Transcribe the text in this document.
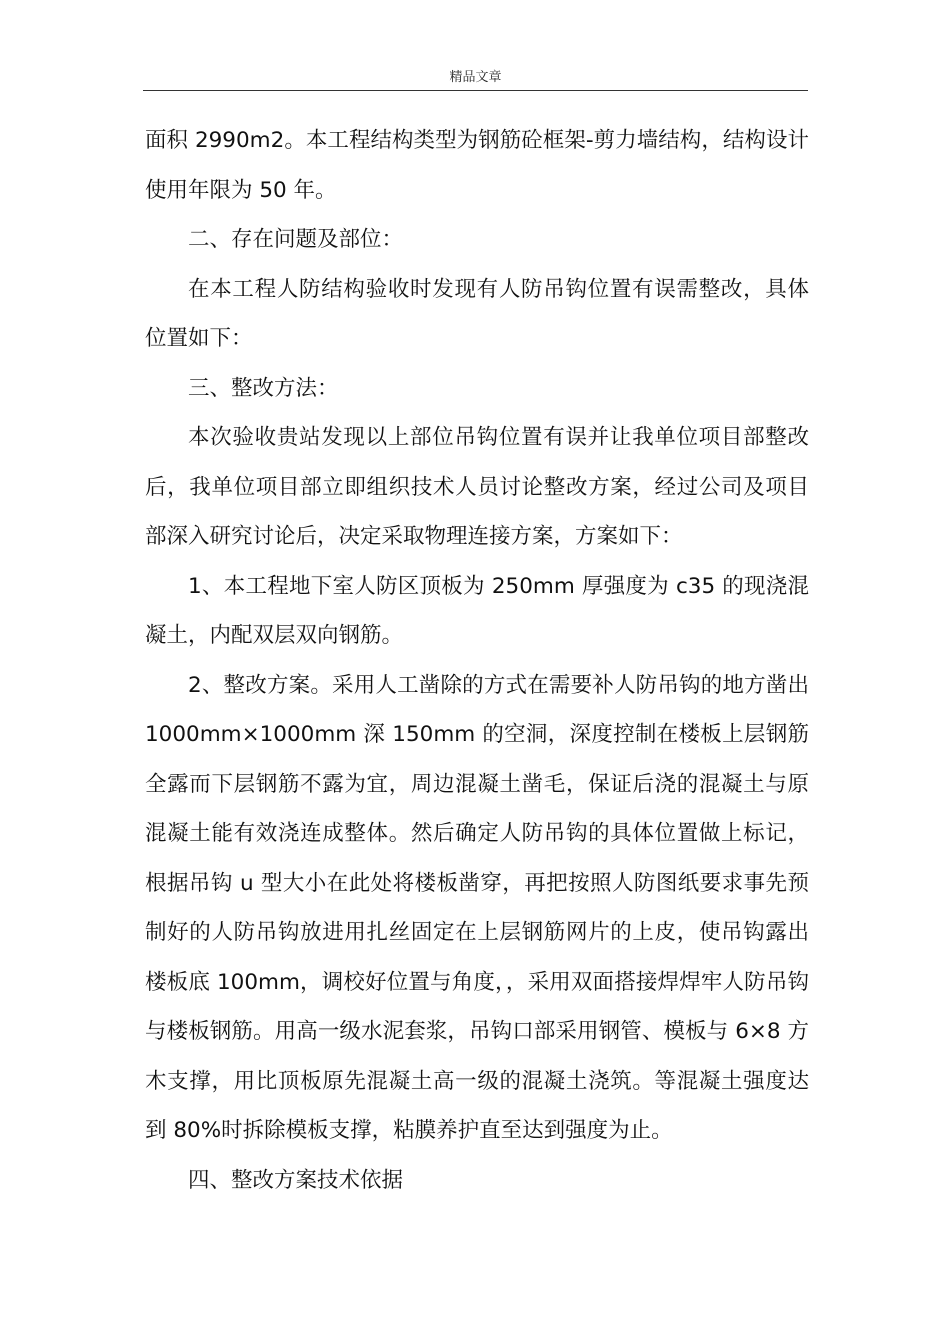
精品文章

面积 2990m2。本工程结构类型为钢筋砼框架-剪力墙结构，结构设计使用年限为 50 年。

二、存在问题及部位：

在本工程人防结构验收时发现有人防吊钩位置有误需整改，具体位置如下：

三、整改方法：

本次验收贵站发现以上部位吊钩位置有误并让我单位项目部整改后，我单位项目部立即组织技术人员讨论整改方案，经过公司及项目部深入研究讨论后，决定采取物理连接方案，方案如下：

1、本工程地下室人防区顶板为 250mm 厚强度为 c35 的现浇混凝土，内配双层双向钢筋。

2、整改方案。采用人工凿除的方式在需要补人防吊钩的地方凿出 1000mm×1000mm 深 150mm 的空洞，深度控制在楼板上层钢筋全露而下层钢筋不露为宜，周边混凝土凿毛，保证后浇的混凝土与原混凝土能有效浇连成整体。然后确定人防吊钩的具体位置做上标记，根据吊钩 u 型大小在此处将楼板凿穿，再把按照人防图纸要求事先预制好的人防吊钩放进用扎丝固定在上层钢筋网片的上皮，使吊钩露出楼板底 100mm，调校好位置与角度，，采用双面搭接焊焊牢人防吊钩与楼板钢筋。用高一级水泥套浆，吊钩口部采用钢管、模板与 6×8 方木支撑，用比顶板原先混凝土高一级的混凝土浇筑。等混凝土强度达到 80%时拆除模板支撑，粘膜养护直至达到强度为止。

四、整改方案技术依据
